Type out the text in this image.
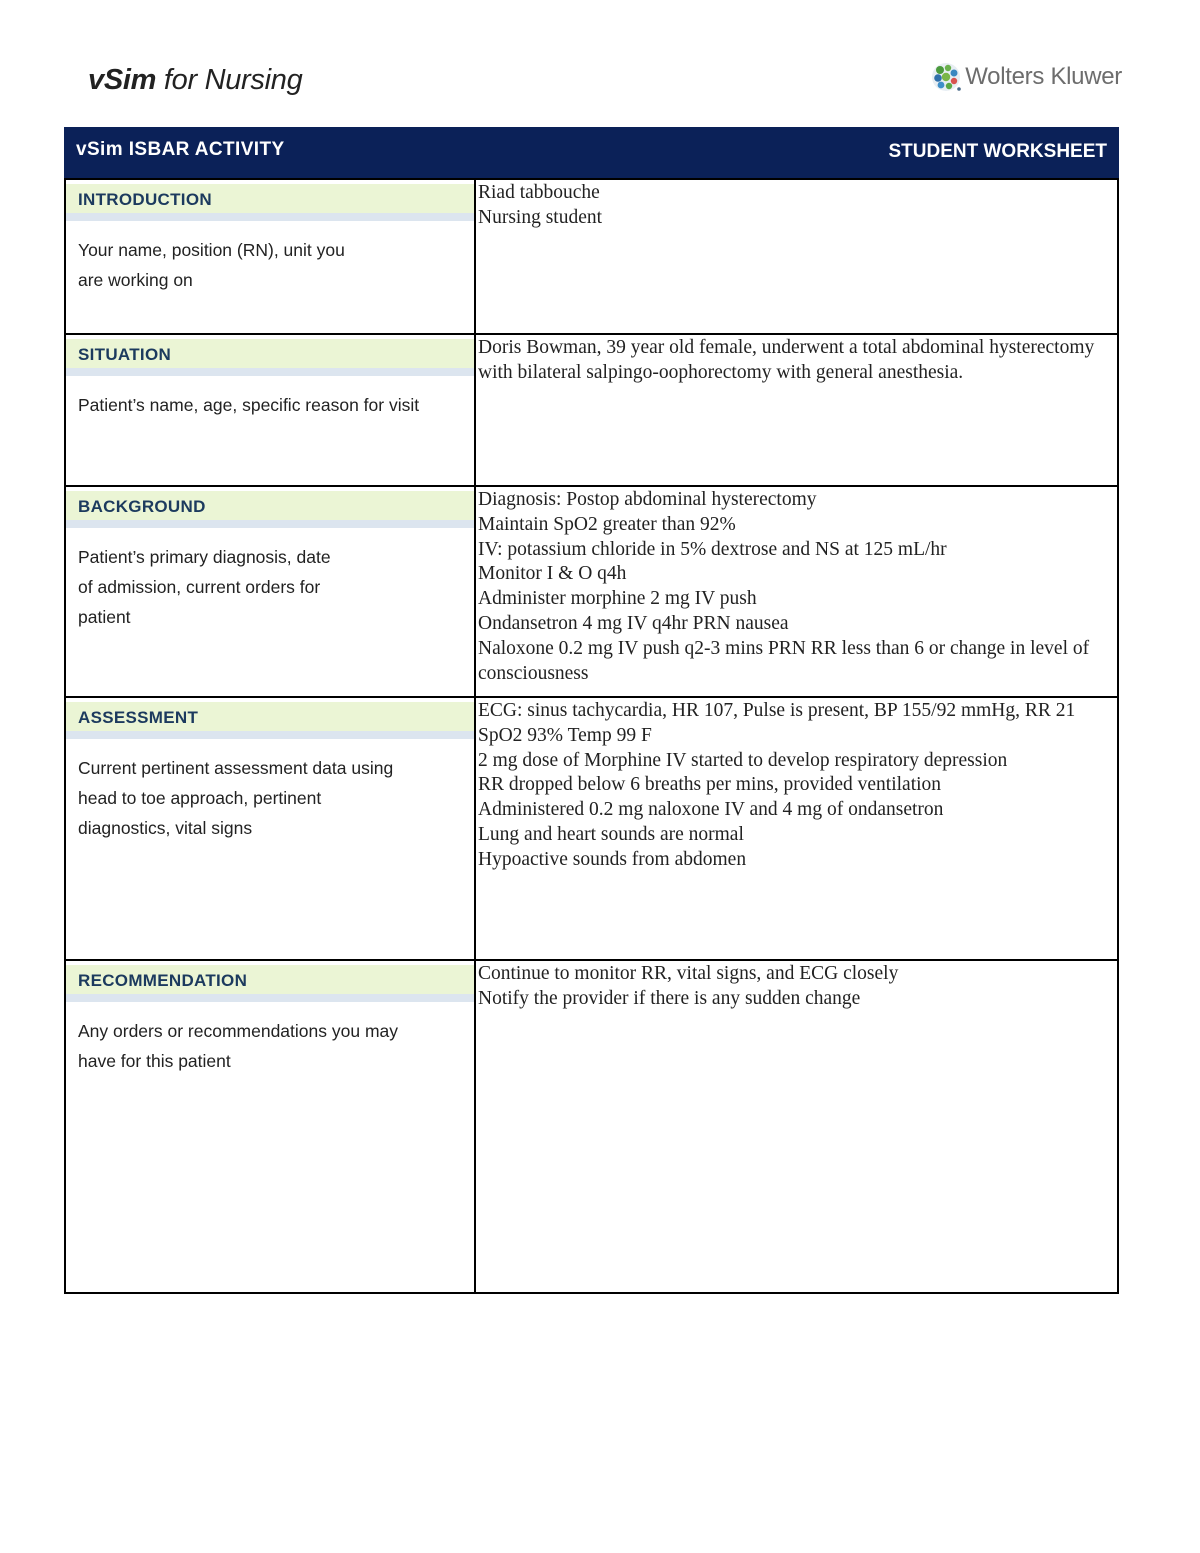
vSim for Nursing	Wolters Kluwer
vSim ISBAR ACTIVITY	STUDENT WORKSHEET
INTRODUCTION
Your name, position (RN), unit you
are working on
Riad tabbouche
Nursing student
SITUATION
Patient’s name, age, specific reason for visit
Doris Bowman, 39 year old female, underwent a total abdominal hysterectomy with bilateral salpingo-oophorectomy with general anesthesia.
BACKGROUND
Patient’s primary diagnosis, date
of admission, current orders for
patient
Diagnosis: Postop abdominal hysterectomy
Maintain SpO2 greater than 92%
IV: potassium chloride in 5% dextrose and NS at 125 mL/hr
Monitor I & O q4h
Administer morphine 2 mg IV push
Ondansetron 4 mg IV q4hr PRN nausea
Naloxone 0.2 mg IV push q2-3 mins PRN RR less than 6 or change in level of consciousness
ASSESSMENT
Current pertinent assessment data using
head to toe approach, pertinent
diagnostics, vital signs
ECG: sinus tachycardia, HR 107, Pulse is present, BP 155/92 mmHg, RR 21 SpO2 93% Temp 99 F
2 mg dose of Morphine IV started to develop respiratory depression
RR dropped below 6 breaths per mins, provided ventilation
Administered 0.2 mg naloxone IV and 4 mg of ondansetron
Lung and heart sounds are normal
Hypoactive sounds from abdomen
RECOMMENDATION
Any orders or recommendations you may
have for this patient
Continue to monitor RR, vital signs, and ECG closely
Notify the provider if there is any sudden change
